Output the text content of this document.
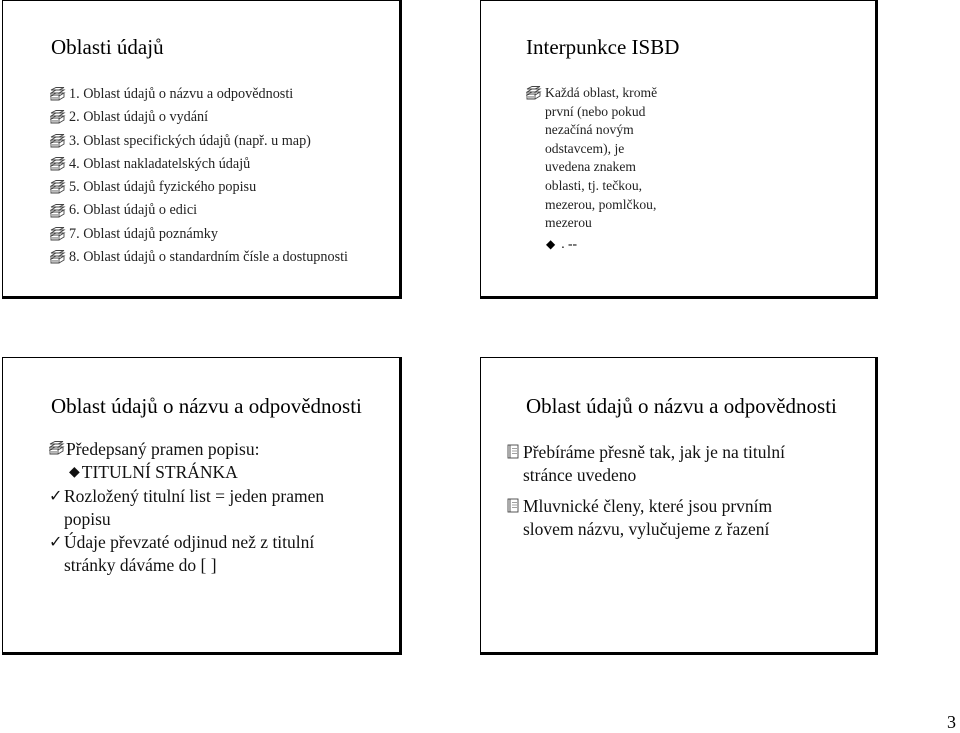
Oblasti údajů
1. Oblast údajů o názvu a odpovědnosti
2. Oblast údajů o vydání
3. Oblast specifických údajů (např. u map)
4. Oblast nakladatelských údajů
5. Oblast údajů fyzického popisu
6. Oblast údajů o edici
7. Oblast údajů poznámky
8. Oblast údajů o standardním čísle a dostupnosti
Interpunkce ISBD
Každá oblast, kromě
první (nebo pokud
nezačíná novým
odstavcem), je
uvedena znakem
oblasti, tj. tečkou,
mezerou, pomlčkou,
mezerou
◆ . --
Oblast údajů o názvu a odpovědnosti
Předepsaný pramen popisu:
◆ TITULNÍ STRÁNKA
✓ Rozložený titulní list = jeden pramen
popisu
✓ Údaje převzaté odjinud než z titulní
stránky dáváme do [ ]
Oblast údajů o názvu a odpovědnosti
Přebíráme přesně tak, jak je na titulní
stránce uvedeno
Mluvnické členy, které jsou prvním
slovem názvu, vylučujeme z řazení
3
